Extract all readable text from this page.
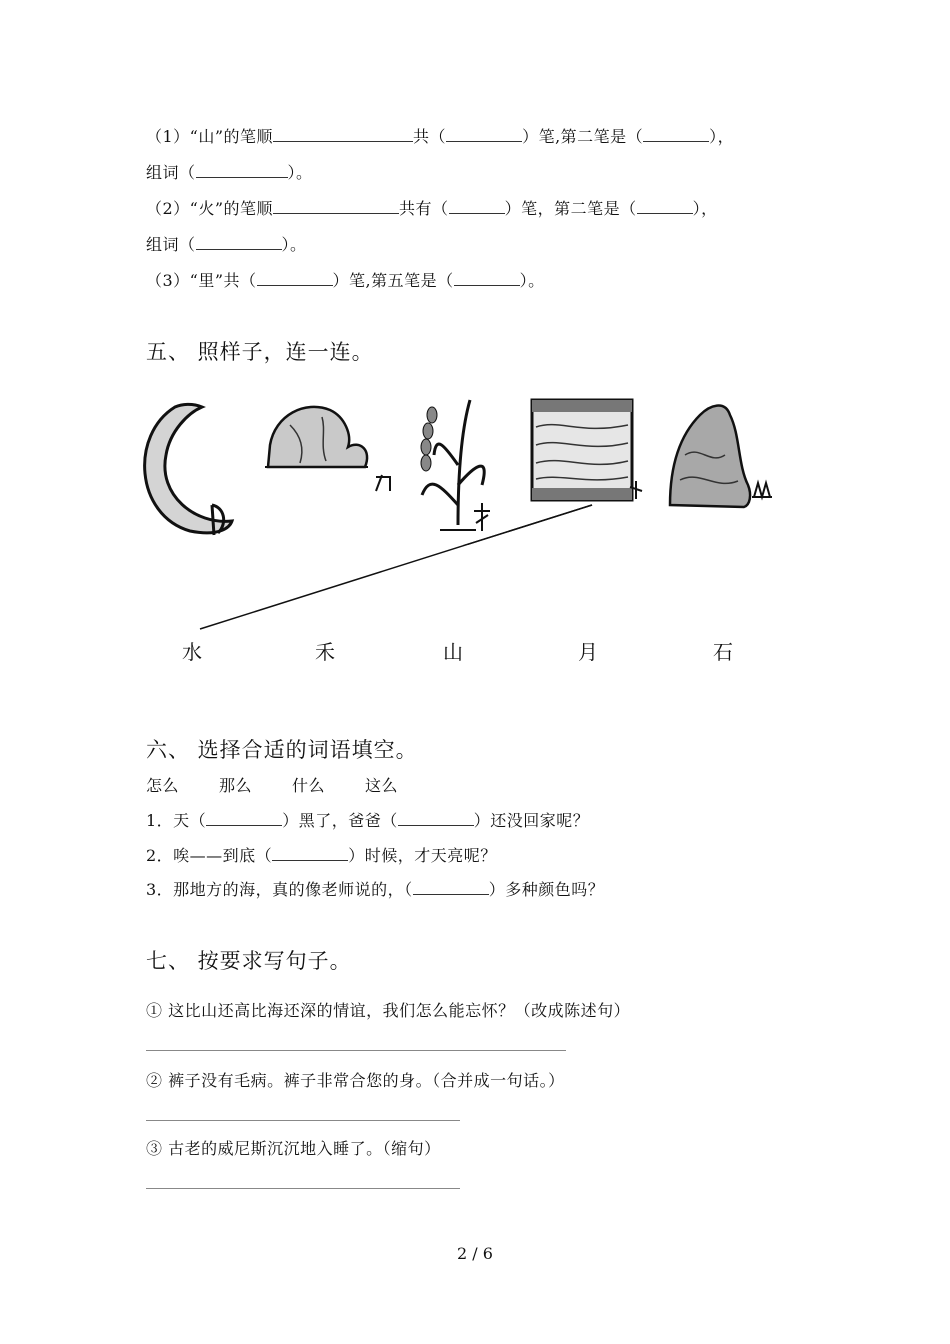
（1）“山”的笔顺	共（	）笔,第二笔是（	），
组词（	）。
（2）“火”的笔顺	共有（	）笔，第二笔是（	），
组词（	）。
（3）“里”共（	）笔,第五笔是（	）。
五、 照样子，连一连。
水	禾	山	月	石
六、 选择合适的词语填空。
怎么	那么	什么	这么
1．天（	）黑了，爸爸（	）还没回家呢？
2．唉——到底（	）时候，才天亮呢？
3．那地方的海，真的像老师说的，（	）多种颜色吗？
七、 按要求写句子。
① 这比山还高比海还深的情谊，我们怎么能忘怀？（改成陈述句）
② 裤子没有毛病。裤子非常合您的身。（合并成一句话。）
③ 古老的威尼斯沉沉地入睡了。（缩句）
2 / 6
